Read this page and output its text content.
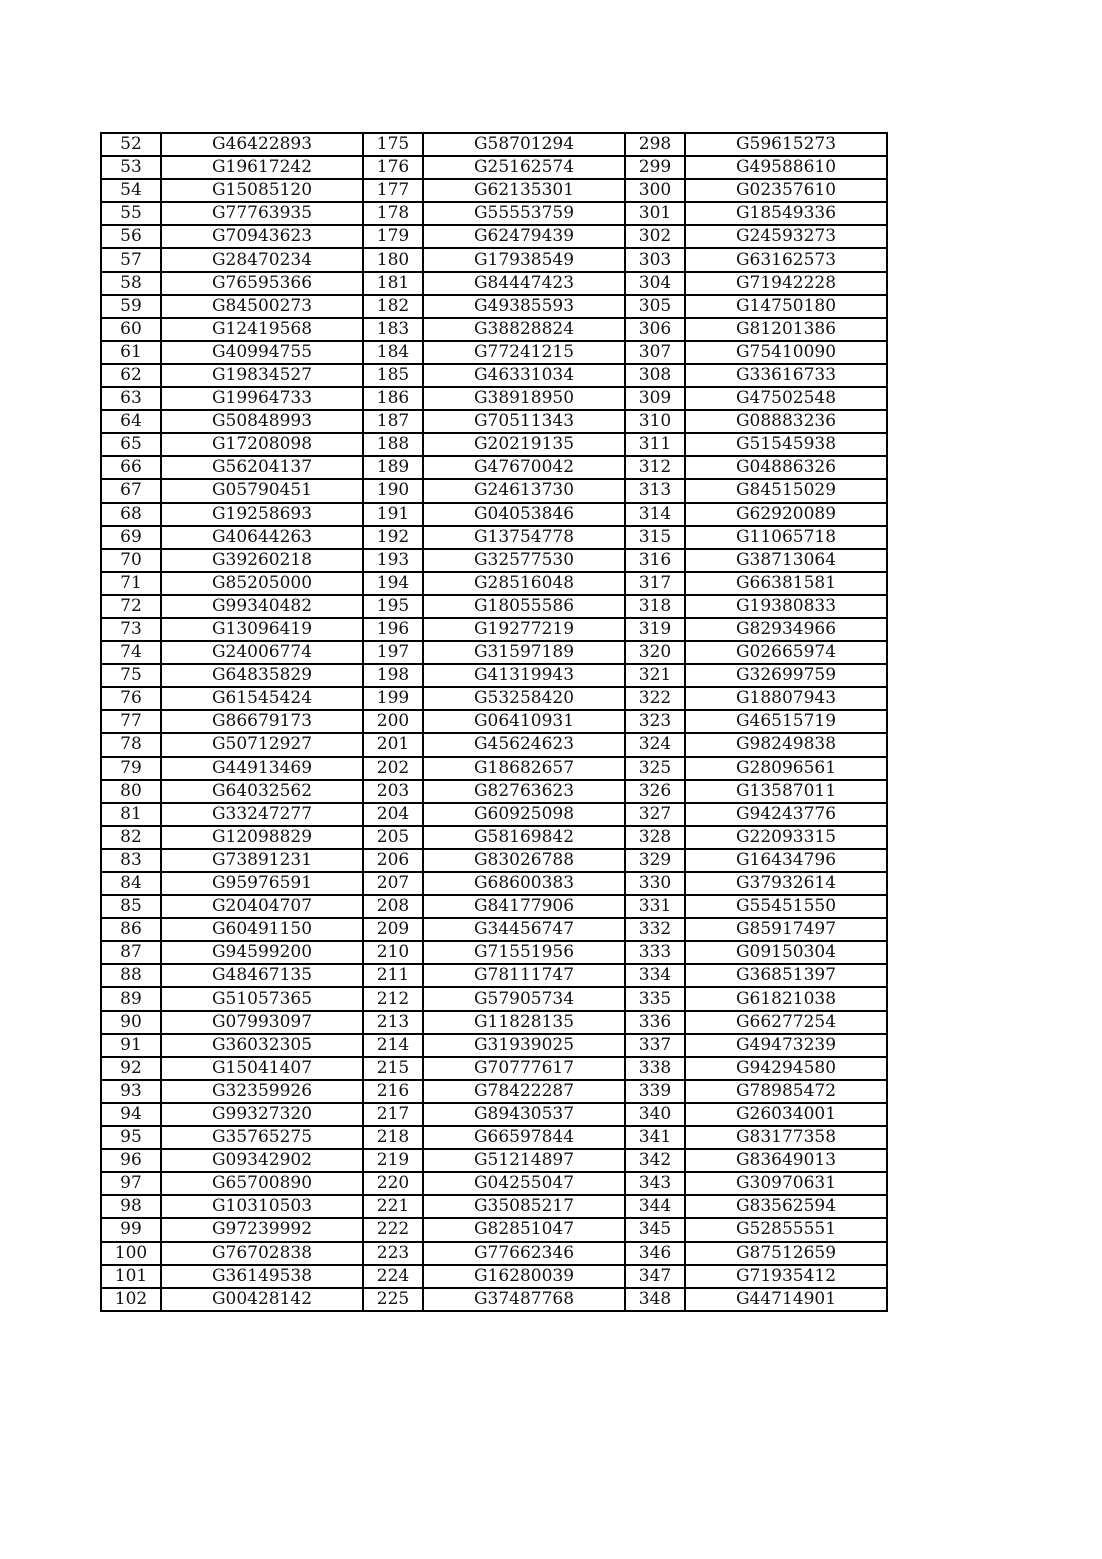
52	G46422893	175	G58701294	298	G59615273
53	G19617242	176	G25162574	299	G49588610
54	G15085120	177	G62135301	300	G02357610
55	G77763935	178	G55553759	301	G18549336
56	G70943623	179	G62479439	302	G24593273
57	G28470234	180	G17938549	303	G63162573
58	G76595366	181	G84447423	304	G71942228
59	G84500273	182	G49385593	305	G14750180
60	G12419568	183	G38828824	306	G81201386
61	G40994755	184	G77241215	307	G75410090
62	G19834527	185	G46331034	308	G33616733
63	G19964733	186	G38918950	309	G47502548
64	G50848993	187	G70511343	310	G08883236
65	G17208098	188	G20219135	311	G51545938
66	G56204137	189	G47670042	312	G04886326
67	G05790451	190	G24613730	313	G84515029
68	G19258693	191	G04053846	314	G62920089
69	G40644263	192	G13754778	315	G11065718
70	G39260218	193	G32577530	316	G38713064
71	G85205000	194	G28516048	317	G66381581
72	G99340482	195	G18055586	318	G19380833
73	G13096419	196	G19277219	319	G82934966
74	G24006774	197	G31597189	320	G02665974
75	G64835829	198	G41319943	321	G32699759
76	G61545424	199	G53258420	322	G18807943
77	G86679173	200	G06410931	323	G46515719
78	G50712927	201	G45624623	324	G98249838
79	G44913469	202	G18682657	325	G28096561
80	G64032562	203	G82763623	326	G13587011
81	G33247277	204	G60925098	327	G94243776
82	G12098829	205	G58169842	328	G22093315
83	G73891231	206	G83026788	329	G16434796
84	G95976591	207	G68600383	330	G37932614
85	G20404707	208	G84177906	331	G55451550
86	G60491150	209	G34456747	332	G85917497
87	G94599200	210	G71551956	333	G09150304
88	G48467135	211	G78111747	334	G36851397
89	G51057365	212	G57905734	335	G61821038
90	G07993097	213	G11828135	336	G66277254
91	G36032305	214	G31939025	337	G49473239
92	G15041407	215	G70777617	338	G94294580
93	G32359926	216	G78422287	339	G78985472
94	G99327320	217	G89430537	340	G26034001
95	G35765275	218	G66597844	341	G83177358
96	G09342902	219	G51214897	342	G83649013
97	G65700890	220	G04255047	343	G30970631
98	G10310503	221	G35085217	344	G83562594
99	G97239992	222	G82851047	345	G52855551
100	G76702838	223	G77662346	346	G87512659
101	G36149538	224	G16280039	347	G71935412
102	G00428142	225	G37487768	348	G44714901
